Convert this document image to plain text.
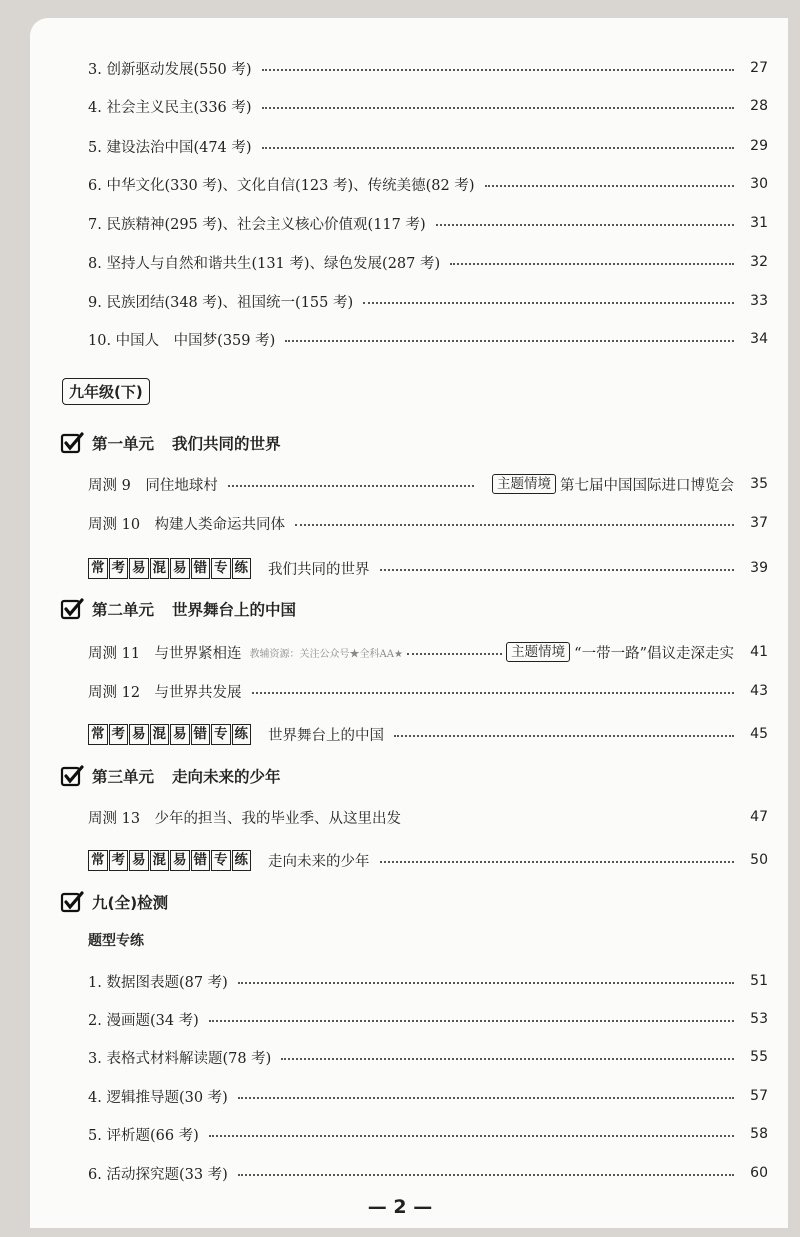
3. 创新驱动发展(550 考)	27
4. 社会主义民主(336 考)	28
5. 建设法治中国(474 考)	29
6. 中华文化(330 考)、文化自信(123 考)、传统美德(82 考)	30
7. 民族精神(295 考)、社会主义核心价值观(117 考)	31
8. 坚持人与自然和谐共生(131 考)、绿色发展(287 考)	32
9. 民族团结(348 考)、祖国统一(155 考)	33
10. 中国人　中国梦(359 考)	34
九年级(下)
第一单元 我们共同的世界
周测 9　同住地球村	主题情境 第七届中国国际进口博览会	35
周测 10　构建人类命运共同体	37
常 考 易 混 易 错 专 练 我们共同的世界	39
第二单元 世界舞台上的中国
周测 11　与世界紧相连 教辅资源：关注公众号★全科AA★	主题情境 “一带一路”倡议走深走实	41
周测 12　与世界共发展	43
常 考 易 混 易 错 专 练 世界舞台上的中国	45
第三单元 走向未来的少年
周测 13　少年的担当、我的毕业季、从这里出发	47
常 考 易 混 易 错 专 练 走向未来的少年	50
九(全)检测
题型专练
1. 数据图表题(87 考)	51
2. 漫画题(34 考)	53
3. 表格式材料解读题(78 考)	55
4. 逻辑推导题(30 考)	57
5. 评析题(66 考)	58
6. 活动探究题(33 考)	60
— 2 —
